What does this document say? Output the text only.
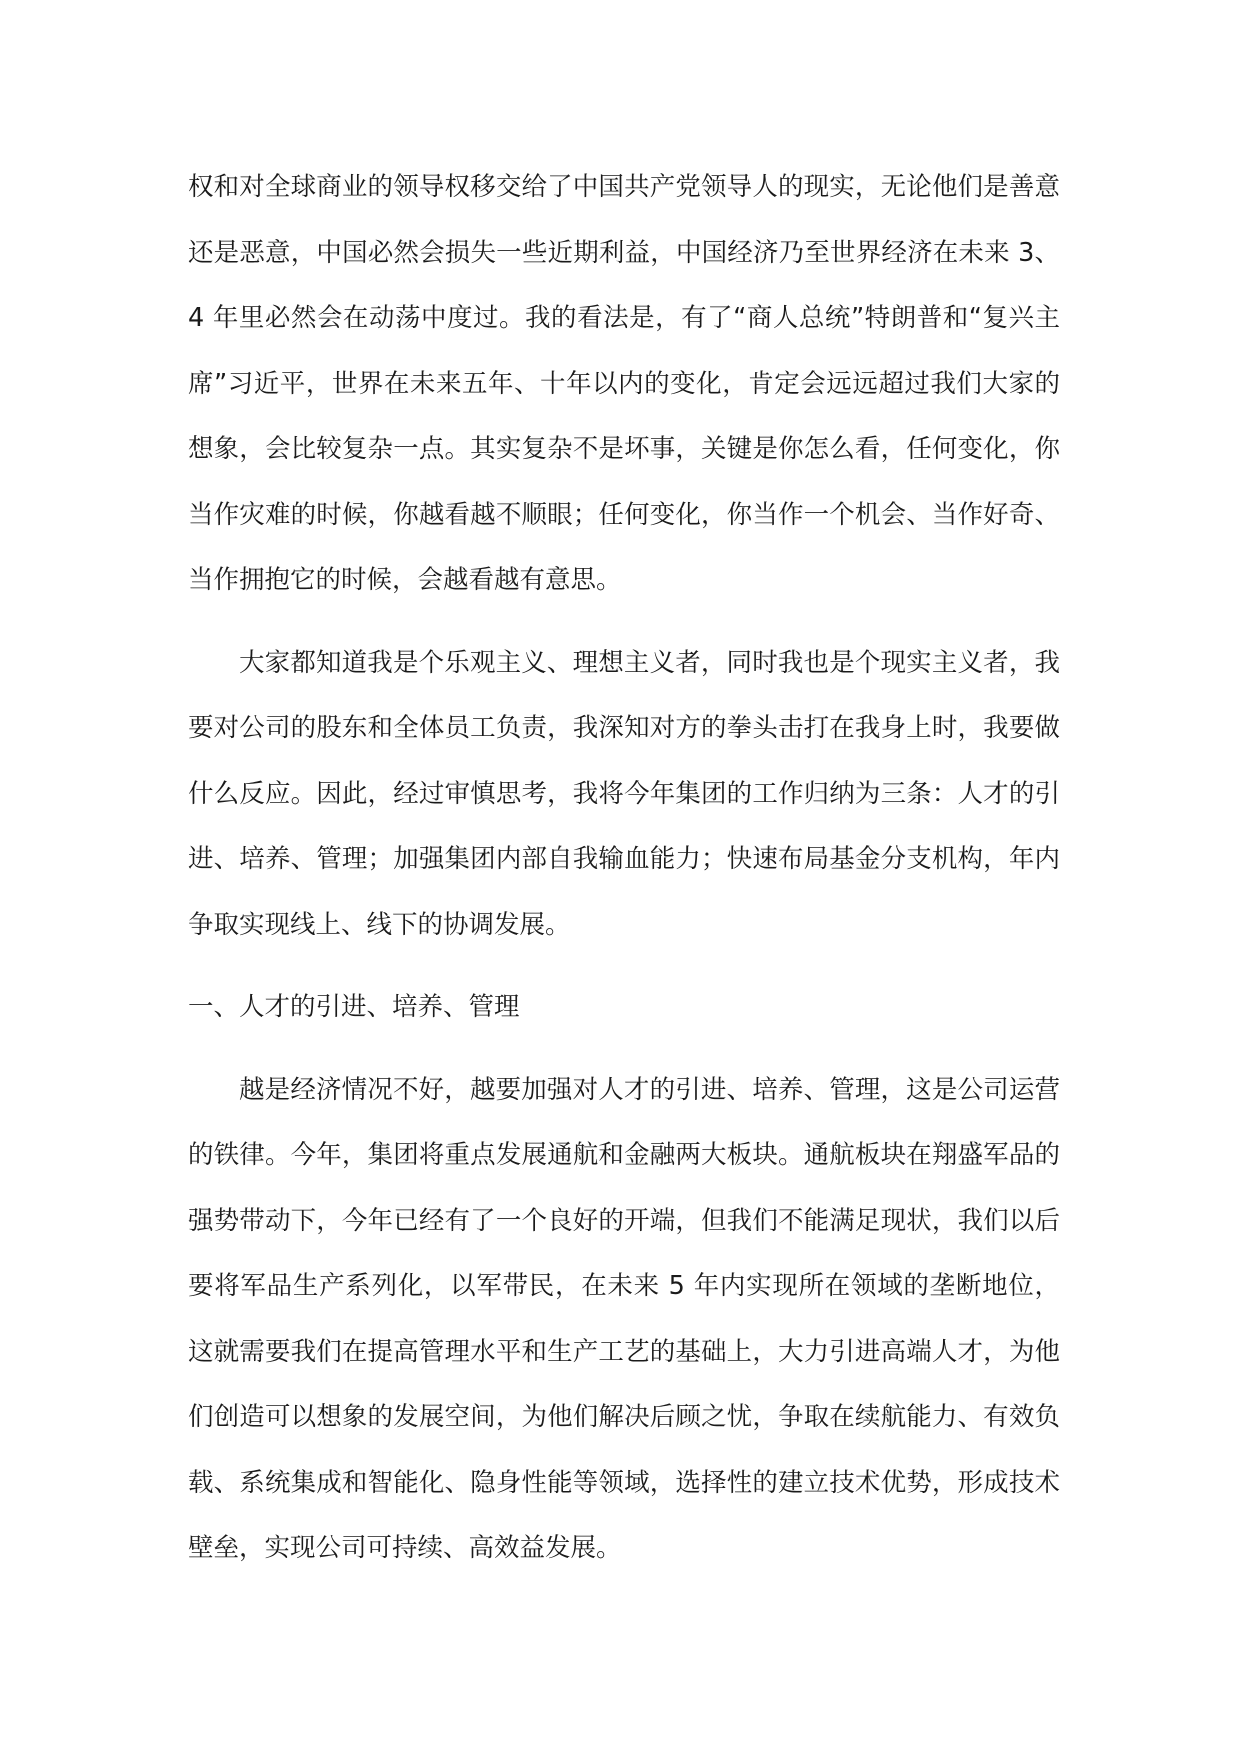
权和对全球商业的领导权移交给了中国共产党领导人的现实，无论他们是善意还是恶意，中国必然会损失一些近期利益，中国经济乃至世界经济在未来 3、4 年里必然会在动荡中度过。我的看法是，有了“商人总统”特朗普和“复兴主席”习近平，世界在未来五年、十年以内的变化，肯定会远远超过我们大家的想象，会比较复杂一点。其实复杂不是坏事，关键是你怎么看，任何变化，你当作灾难的时候，你越看越不顺眼；任何变化，你当作一个机会、当作好奇、当作拥抱它的时候，会越看越有意思。

大家都知道我是个乐观主义、理想主义者，同时我也是个现实主义者，我要对公司的股东和全体员工负责，我深知对方的拳头击打在我身上时，我要做什么反应。因此，经过审慎思考，我将今年集团的工作归纳为三条：人才的引进、培养、管理；加强集团内部自我输血能力；快速布局基金分支机构，年内争取实现线上、线下的协调发展。

一、人才的引进、培养、管理

越是经济情况不好，越要加强对人才的引进、培养、管理，这是公司运营的铁律。今年，集团将重点发展通航和金融两大板块。通航板块在翔盛军品的强势带动下，今年已经有了一个良好的开端，但我们不能满足现状，我们以后要将军品生产系列化，以军带民，在未来 5 年内实现所在领域的垄断地位，这就需要我们在提高管理水平和生产工艺的基础上，大力引进高端人才，为他们创造可以想象的发展空间，为他们解决后顾之忧，争取在续航能力、有效负载、系统集成和智能化、隐身性能等领域，选择性的建立技术优势，形成技术壁垒，实现公司可持续、高效益发展。
